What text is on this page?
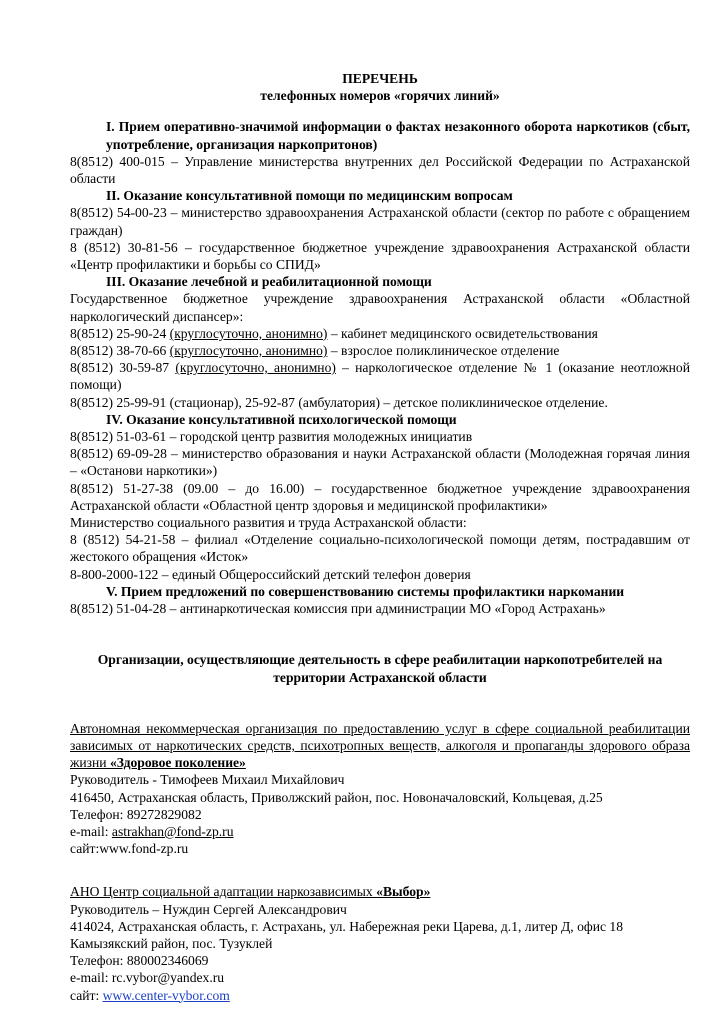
ПЕРЕЧЕНЬ

телефонных номеров «горячих линий»

I. Прием оперативно-значимой информации о фактах незаконного оборота наркотиков (сбыт, употребление, организация наркопритонов)

8(8512) 400-015 – Управление министерства внутренних дел Российской Федерации по Астраханской области

II. Оказание консультативной помощи по медицинским вопросам

8(8512) 54-00-23 – министерство здравоохранения Астраханской области (сектор по работе с обращением граждан)

8 (8512) 30-81-56 – государственное бюджетное учреждение здравоохранения Астраханской области «Центр профилактики и борьбы со СПИД»

III. Оказание лечебной и реабилитационной помощи

Государственное бюджетное учреждение здравоохранения Астраханской области «Областной наркологический диспансер»:

8(8512) 25-90-24 (круглосуточно, анонимно) – кабинет медицинского освидетельствования

8(8512) 38-70-66 (круглосуточно, анонимно) – взрослое поликлиническое отделение

8(8512) 30-59-87 (круглосуточно, анонимно) – наркологическое отделение № 1 (оказание неотложной помощи)

8(8512) 25-99-91 (стационар), 25-92-87 (амбулатория) – детское поликлиническое отделение.

IV. Оказание консультативной психологической помощи

8(8512) 51-03-61 – городской центр развития молодежных инициатив

8(8512) 69-09-28 – министерство образования и науки Астраханской области (Молодежная горячая линия – «Останови наркотики»)

8(8512) 51-27-38 (09.00 – до 16.00) – государственное бюджетное учреждение здравоохранения Астраханской области «Областной центр здоровья и медицинской профилактики»

Министерство социального развития и труда Астраханской области:

8 (8512) 54-21-58 – филиал «Отделение социально-психологической помощи детям, пострадавшим от жестокого обращения «Исток»

8-800-2000-122 – единый Общероссийский детский телефон доверия

V. Прием предложений по совершенствованию системы профилактики наркомании

8(8512) 51-04-28 – антинаркотическая комиссия при администрации МО «Город Астрахань»

Организации, осуществляющие деятельность в сфере реабилитации наркопотребителей на территории Астраханской области

Автономная некоммерческая организация по предоставлению услуг в сфере социальной реабилитации зависимых от наркотических средств, психотропных веществ, алкоголя и пропаганды здорового образа жизни «Здоровое поколение»

Руководитель - Тимофеев Михаил Михайлович

416450, Астраханская область, Приволжский район, пос. Новоначаловский, Кольцевая, д.25

Телефон: 89272829082

e-mail: astrakhan@fond-zp.ru

сайт:www.fond-zp.ru

АНО Центр социальной адаптации наркозависимых «Выбор»

Руководитель – Нуждин Сергей Александрович

414024, Астраханская область, г. Астрахань, ул. Набережная реки Царева, д.1, литер Д, офис 18 Камызякский район, пос. Тузуклей

Телефон: 880002346069

e-mail: rc.vybor@yandex.ru

сайт: www.center-vybor.com
